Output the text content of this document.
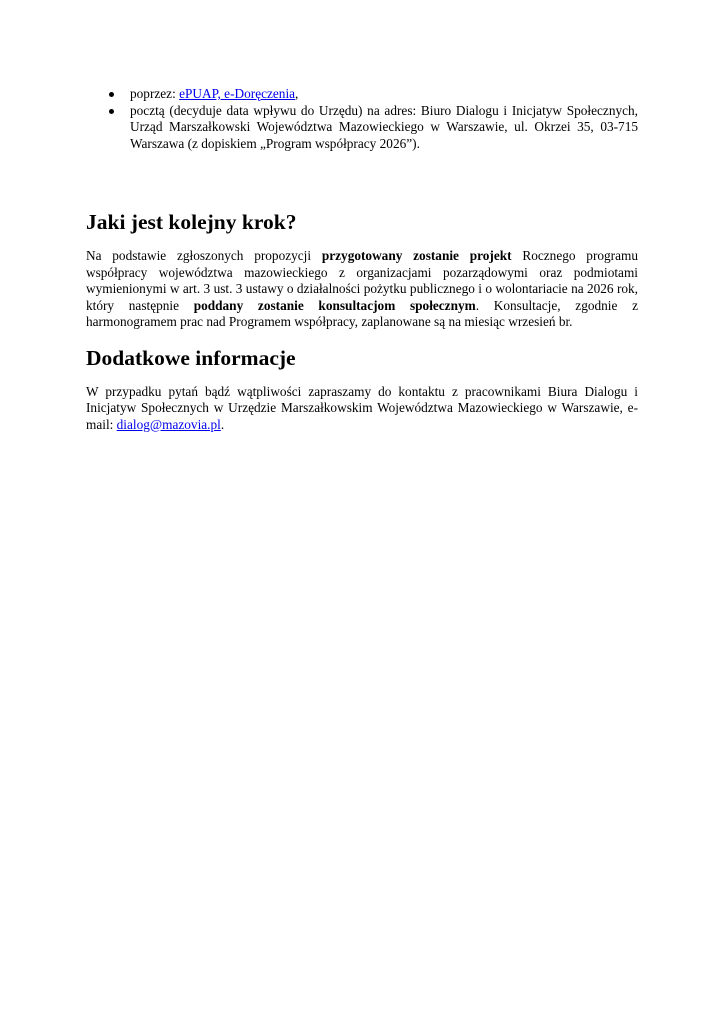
poprzez: ePUAP, e-Doręczenia,
pocztą (decyduje data wpływu do Urzędu) na adres: Biuro Dialogu i Inicjatyw Społecznych, Urząd Marszałkowski Województwa Mazowieckiego w Warszawie, ul. Okrzei 35, 03-715 Warszawa (z dopiskiem „Program współpracy 2026”).
Jaki jest kolejny krok?

Na podstawie zgłoszonych propozycji przygotowany zostanie projekt Rocznego programu współpracy województwa mazowieckiego z organizacjami pozarządowymi oraz podmiotami wymienionymi w art. 3 ust. 3 ustawy o działalności pożytku publicznego i o wolontariacie na 2026 rok, który następnie poddany zostanie konsultacjom społecznym. Konsultacje, zgodnie z harmonogramem prac nad Programem współpracy, zaplanowane są na miesiąc wrzesień br.

Dodatkowe informacje

W przypadku pytań bądź wątpliwości zapraszamy do kontaktu z pracownikami Biura Dialogu i Inicjatyw Społecznych w Urzędzie Marszałkowskim Województwa Mazowieckiego w Warszawie, e-mail: dialog@mazovia.pl.
